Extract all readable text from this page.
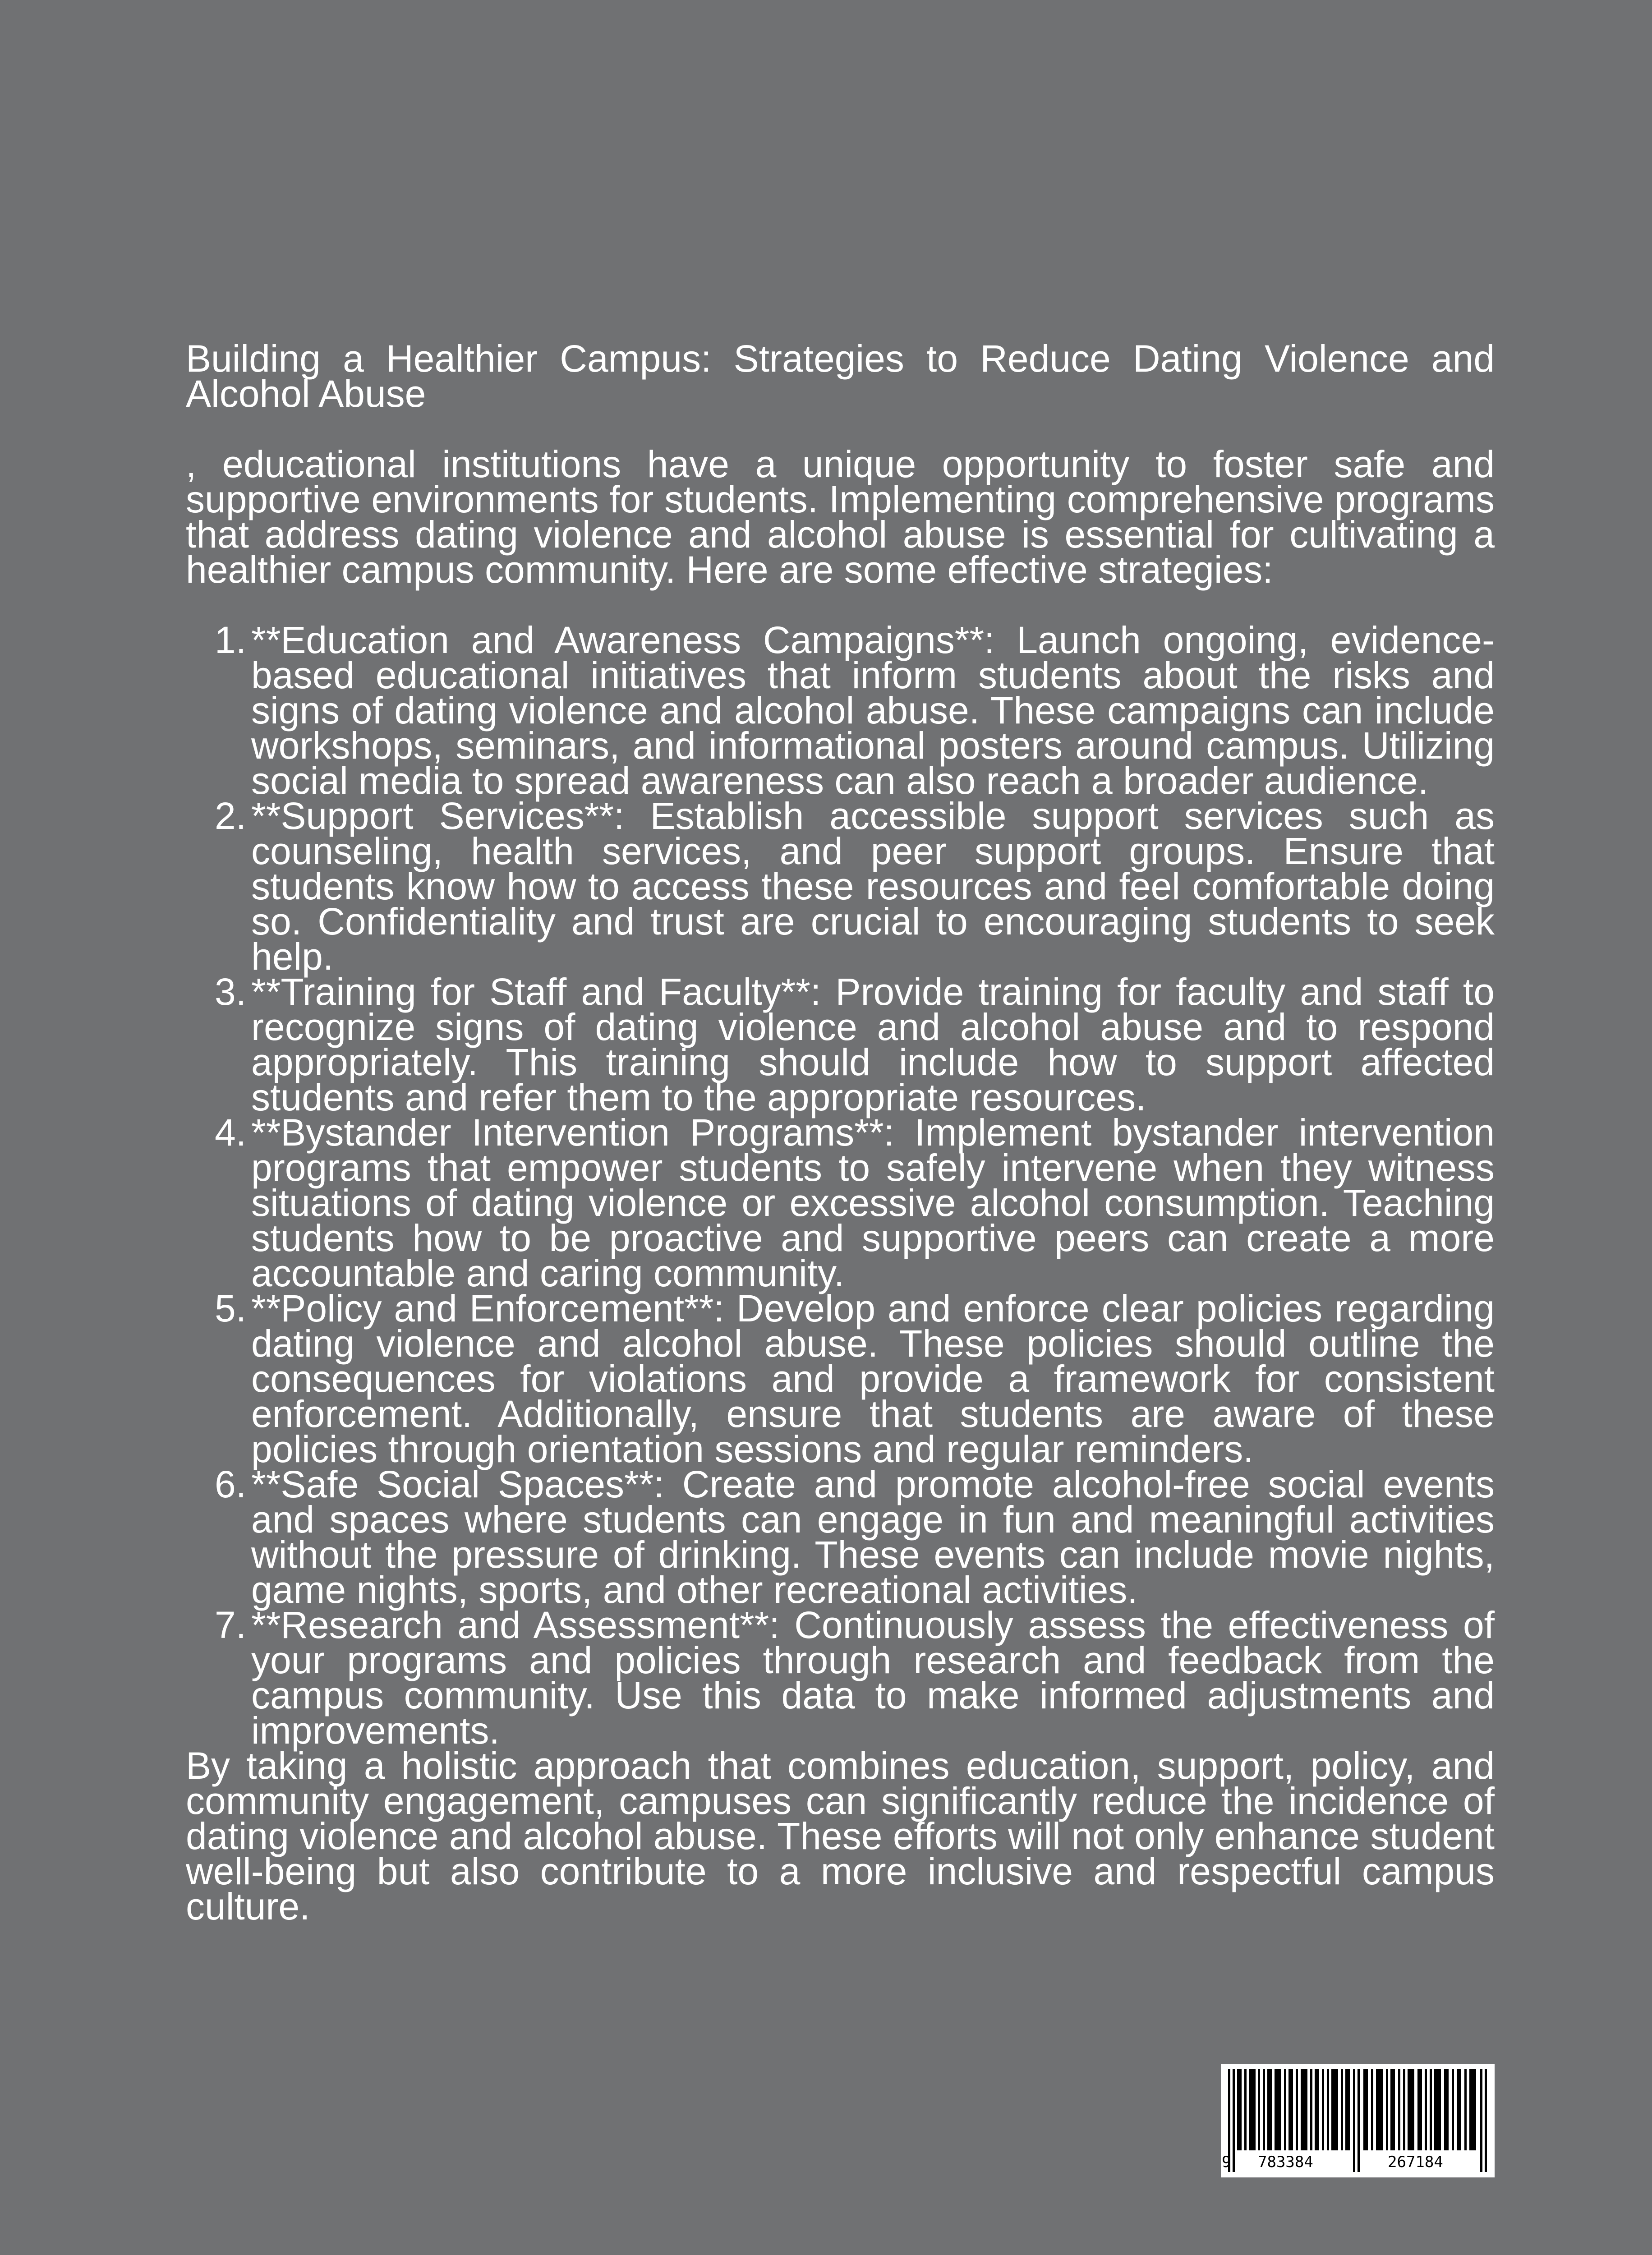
Building a Healthier Campus: Strategies to Reduce Dating Violence and Alcohol Abuse

, educational institutions have a unique opportunity to foster safe and supportive environments for students. Implementing comprehensive programs that address dating violence and alcohol abuse is essential for cultivating a healthier campus community. Here are some effective strategies:

1. **Education and Awareness Campaigns**: Launch ongoing, evidence-based educational initiatives that inform students about the risks and signs of dating violence and alcohol abuse. These campaigns can include workshops, seminars, and informational posters around campus. Utilizing social media to spread awareness can also reach a broader audience.
2. **Support Services**: Establish accessible support services such as counseling, health services, and peer support groups. Ensure that students know how to access these resources and feel comfortable doing so. Confidentiality and trust are crucial to encouraging students to seek help.
3. **Training for Staff and Faculty**: Provide training for faculty and staff to recognize signs of dating violence and alcohol abuse and to respond appropriately. This training should include how to support affected students and refer them to the appropriate resources.
4. **Bystander Intervention Programs**: Implement bystander intervention programs that empower students to safely intervene when they witness situations of dating violence or excessive alcohol consumption. Teaching students how to be proactive and supportive peers can create a more accountable and caring community.
5. **Policy and Enforcement**: Develop and enforce clear policies regarding dating violence and alcohol abuse. These policies should outline the consequences for violations and provide a framework for consistent enforcement. Additionally, ensure that students are aware of these policies through orientation sessions and regular reminders.
6. **Safe Social Spaces**: Create and promote alcohol-free social events and spaces where students can engage in fun and meaningful activities without the pressure of drinking. These events can include movie nights, game nights, sports, and other recreational activities.
7. **Research and Assessment**: Continuously assess the effectiveness of your programs and policies through research and feedback from the campus community. Use this data to make informed adjustments and improvements.

By taking a holistic approach that combines education, support, policy, and community engagement, campuses can significantly reduce the incidence of dating violence and alcohol abuse. These efforts will not only enhance student well-being but also contribute to a more inclusive and respectful campus culture.

9 783384	267184
